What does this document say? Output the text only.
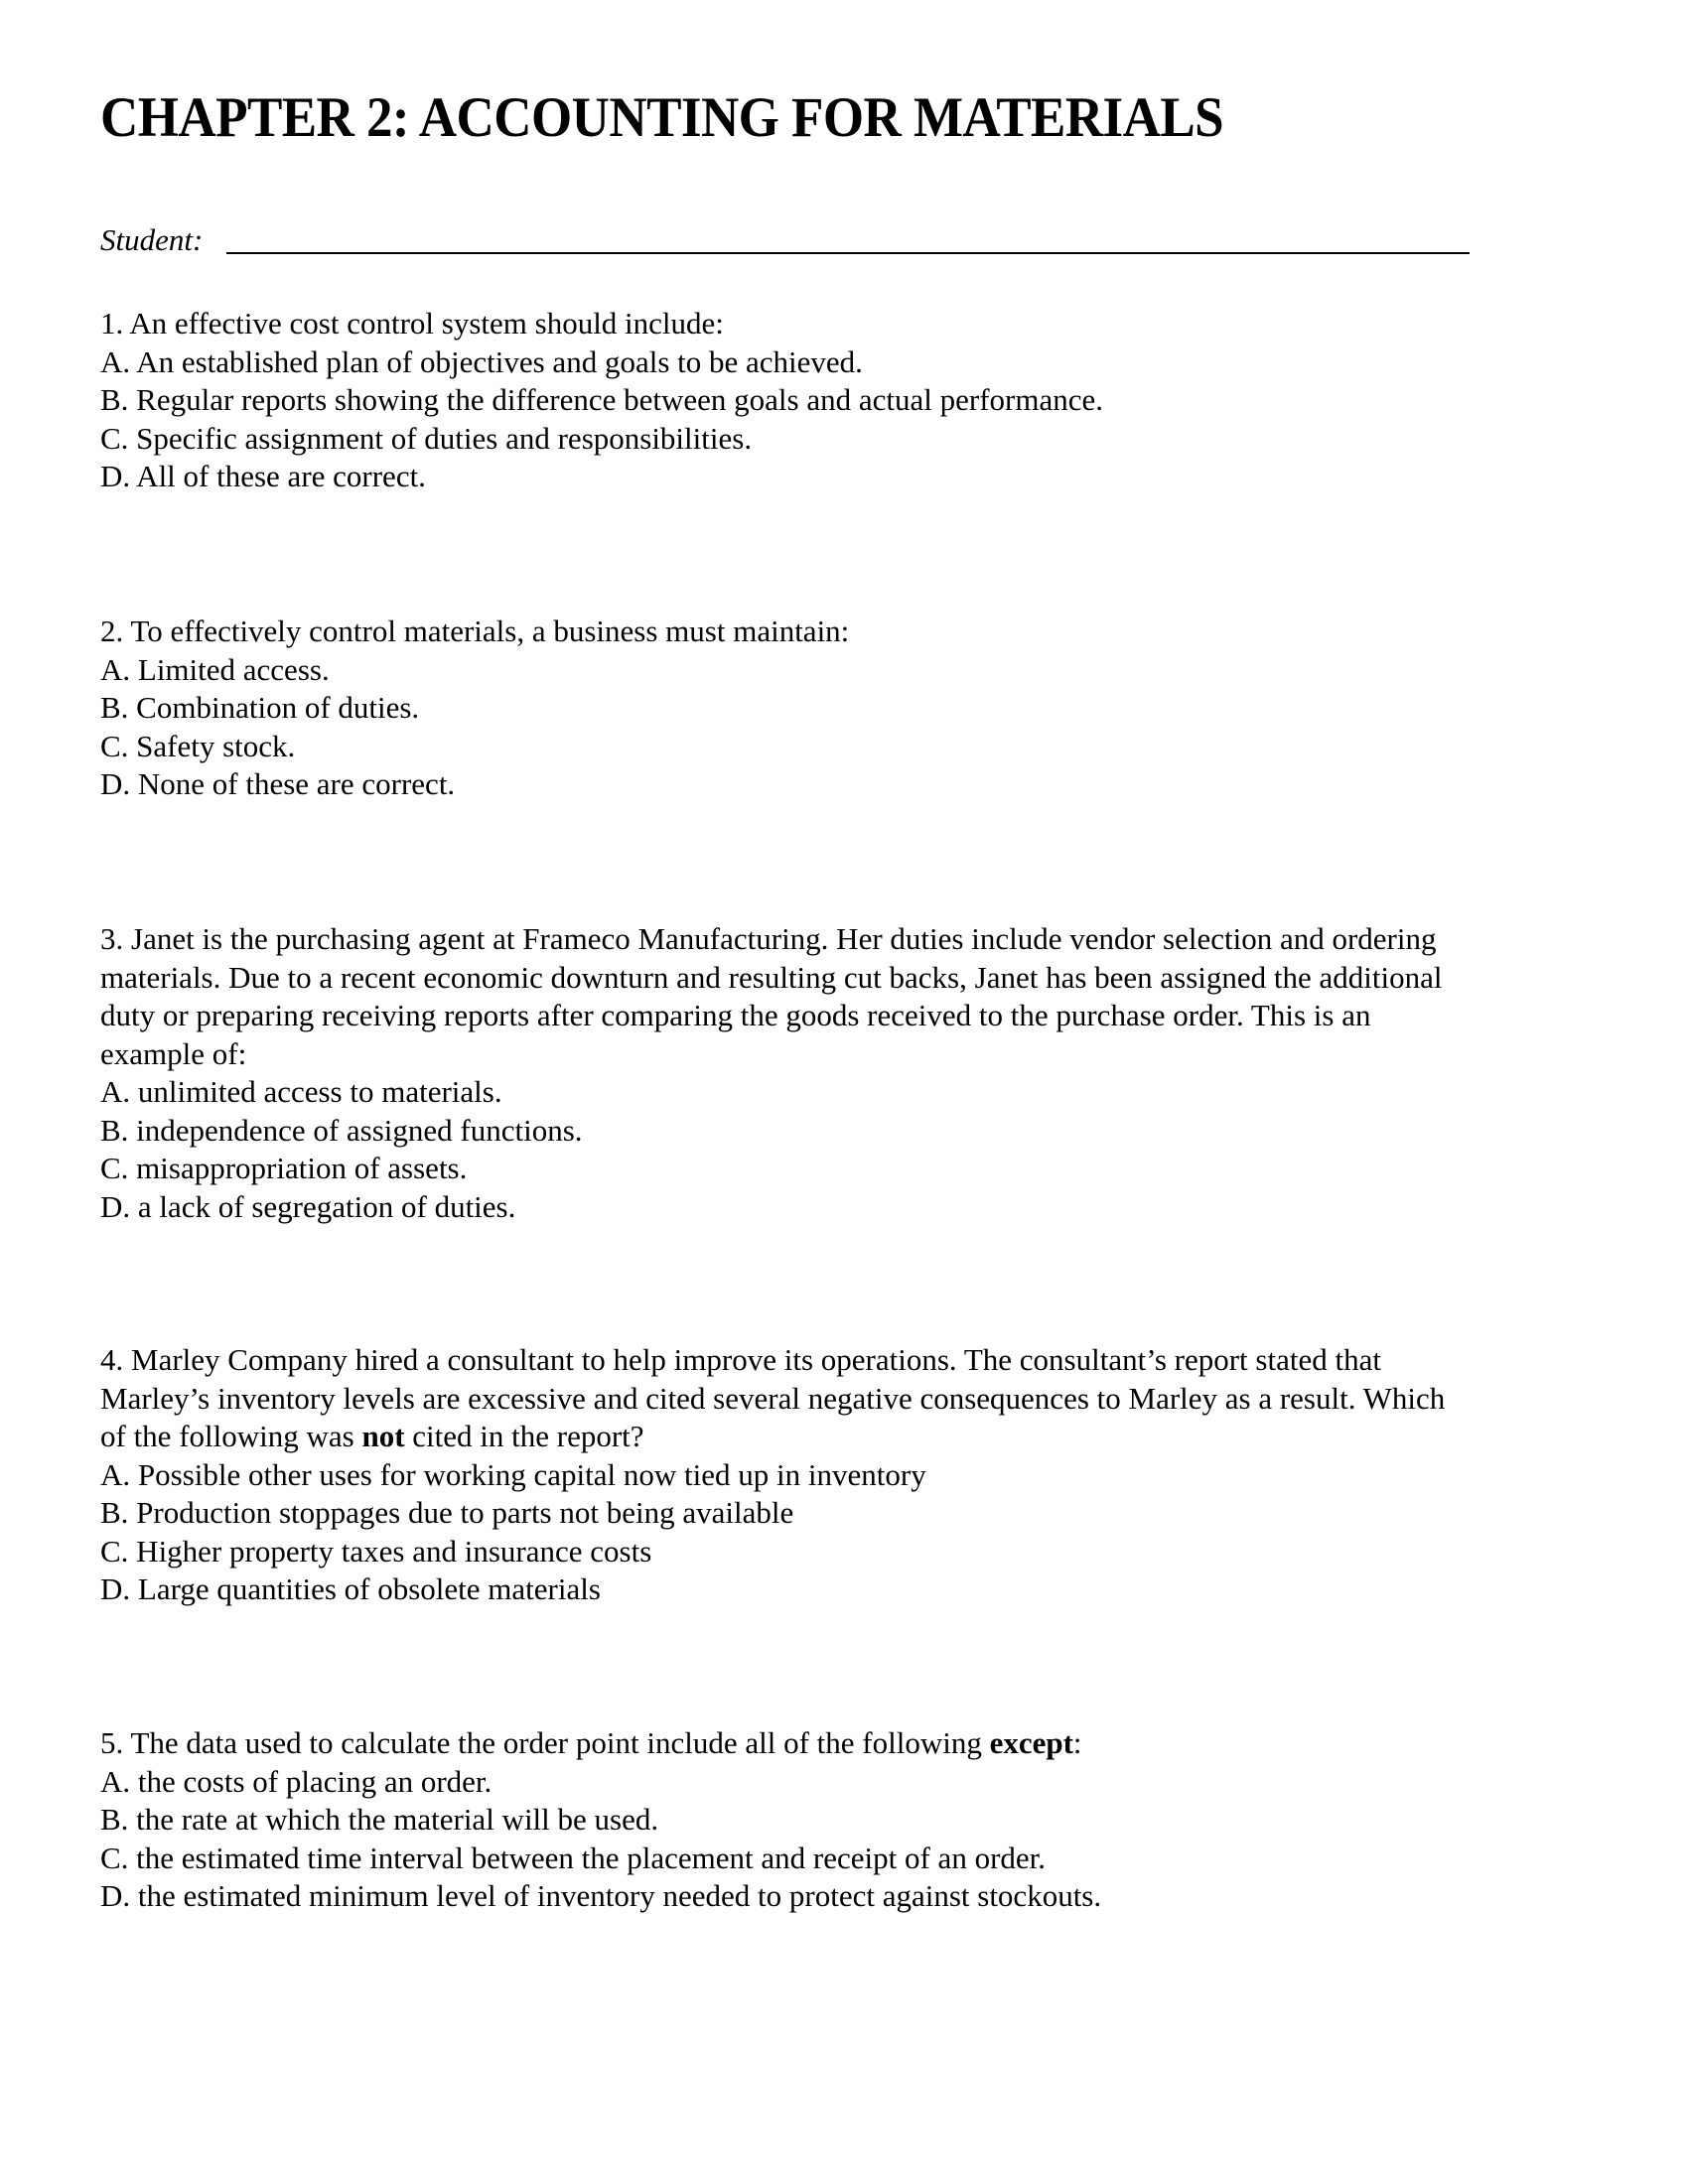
CHAPTER 2: ACCOUNTING FOR MATERIALS
Student:
1. An effective cost control system should include:
A. An established plan of objectives and goals to be achieved.
B. Regular reports showing the difference between goals and actual performance.
C. Specific assignment of duties and responsibilities.
D. All of these are correct.
2. To effectively control materials, a business must maintain:
A. Limited access.
B. Combination of duties.
C. Safety stock.
D. None of these are correct.
3. Janet is the purchasing agent at Frameco Manufacturing. Her duties include vendor selection and ordering
materials. Due to a recent economic downturn and resulting cut backs, Janet has been assigned the additional
duty or preparing receiving reports after comparing the goods received to the purchase order. This is an
example of:
A. unlimited access to materials.
B. independence of assigned functions.
C. misappropriation of assets.
D. a lack of segregation of duties.
4. Marley Company hired a consultant to help improve its operations. The consultant’s report stated that
Marley’s inventory levels are excessive and cited several negative consequences to Marley as a result. Which
of the following was not cited in the report?
A. Possible other uses for working capital now tied up in inventory
B. Production stoppages due to parts not being available
C. Higher property taxes and insurance costs
D. Large quantities of obsolete materials
5. The data used to calculate the order point include all of the following except:
A. the costs of placing an order.
B. the rate at which the material will be used.
C. the estimated time interval between the placement and receipt of an order.
D. the estimated minimum level of inventory needed to protect against stockouts.
